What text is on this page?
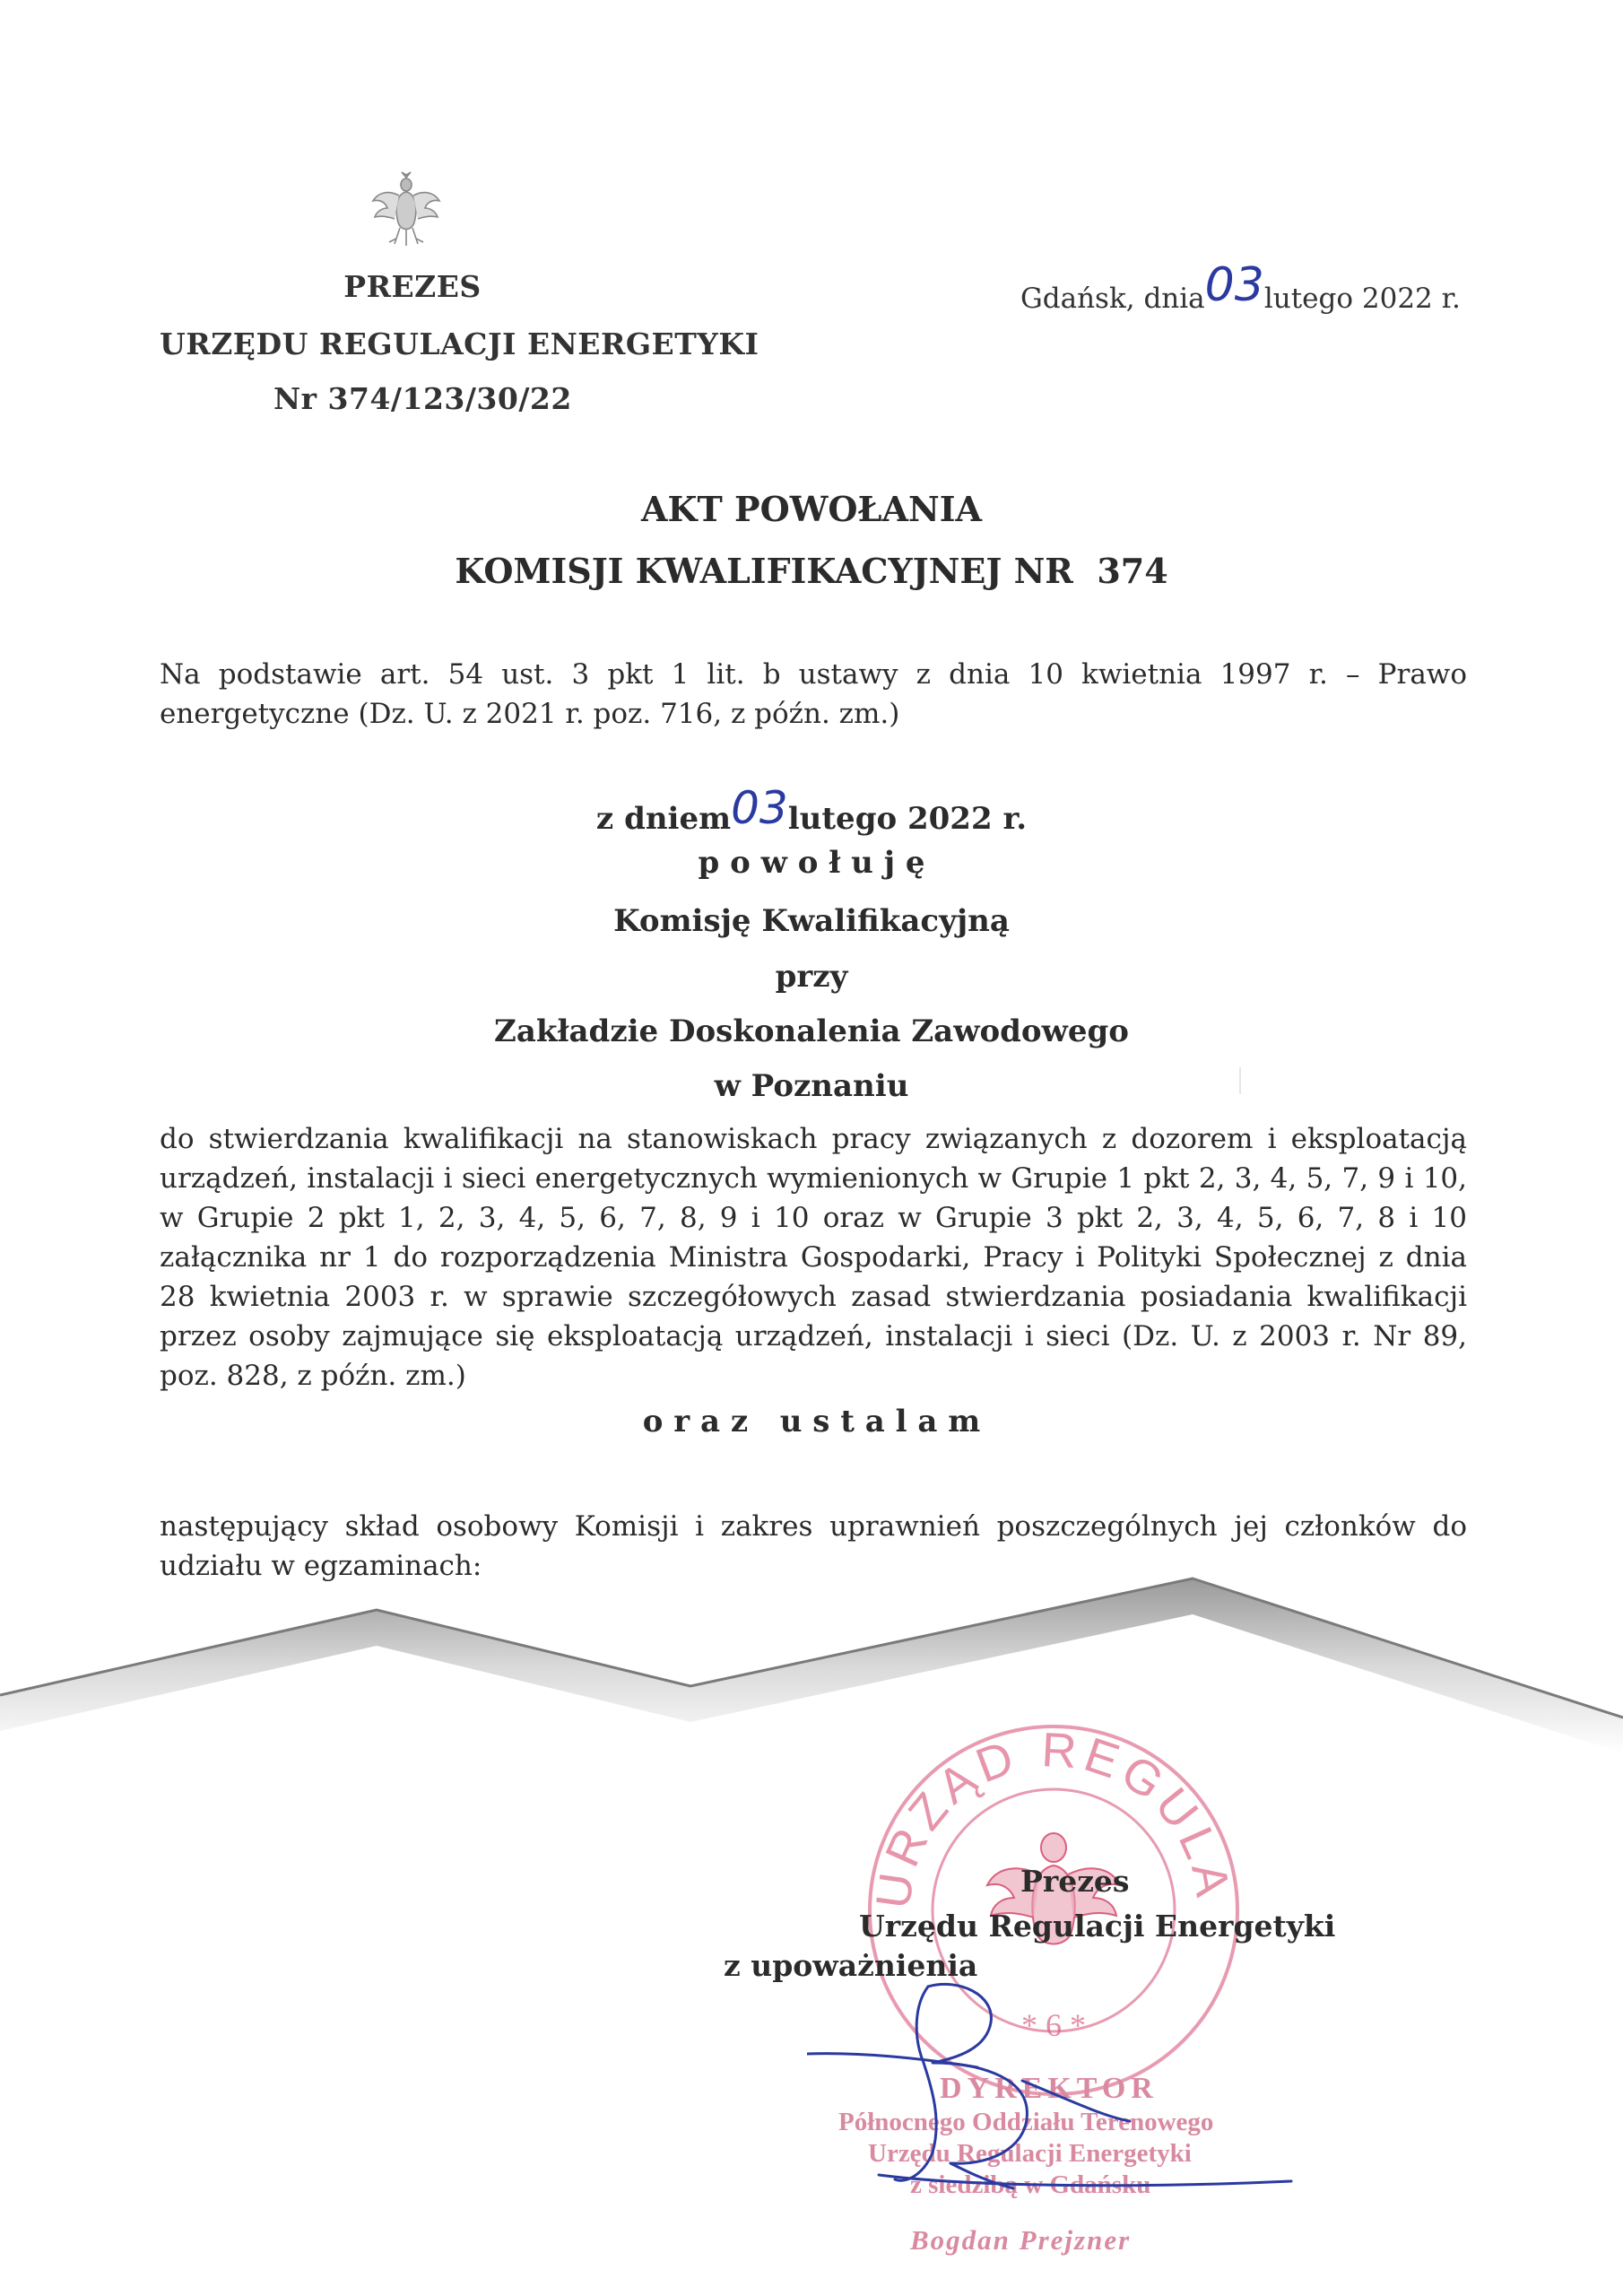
PREZES
URZĘDU REGULACJI ENERGETYKI
Nr 374/123/30/22
Gdańsk, dnia03lutego 2022 r.
AKT POWOŁANIA
KOMISJI KWALIFIKACYJNEJ NR  374
Na podstawie art. 54 ust. 3 pkt 1 lit. b ustawy z dnia 10 kwietnia 1997 r. – Prawo energetyczne (Dz. U. z 2021 r. poz. 716, z późn. zm.)
z dniem03lutego 2022 r.
p o w o ł u j ę
Komisję Kwalifikacyjną
przy
Zakładzie Doskonalenia Zawodowego
w Poznaniu
do stwierdzania kwalifikacji na stanowiskach pracy związanych z dozorem i eksploatacją urządzeń, instalacji i sieci energetycznych wymienionych w Grupie 1 pkt 2, 3, 4, 5, 7, 9 i 10, w Grupie 2 pkt 1, 2, 3, 4, 5, 6, 7, 8, 9 i 10 oraz w Grupie 3 pkt 2, 3, 4, 5, 6, 7, 8 i 10 załącznika nr 1 do rozporządzenia Ministra Gospodarki, Pracy i Polityki Społecznej z dnia 28 kwietnia 2003 r. w sprawie szczegółowych zasad stwierdzania posiadania kwalifikacji przez osoby zajmujące się eksploatacją urządzeń, instalacji i sieci (Dz. U. z 2003 r. Nr 89, poz. 828, z późn. zm.)
o r a z   u s t a l a m
następujący skład osobowy Komisji i zakres uprawnień poszczególnych jej członków do udziału w egzaminach:
URZĄD REGULA
* 6 *
Prezes
Urzędu Regulacji Energetyki
z upoważnienia
DYREKTOR
Północnego Oddziału Terenowego
Urzędu Regulacji Energetyki
z siedzibą w Gdańsku
Bogdan Prejzner
